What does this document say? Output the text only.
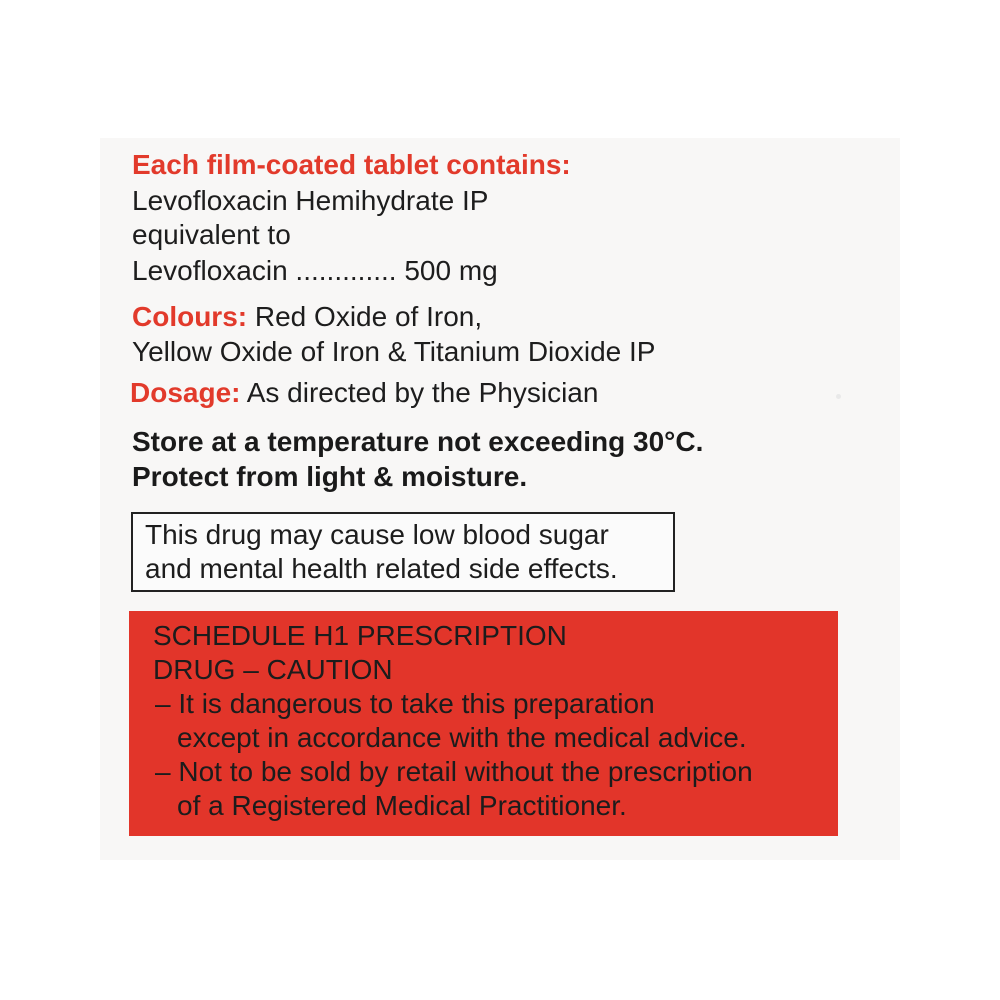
Each film-coated tablet contains:
Levofloxacin Hemihydrate IP
equivalent to
Levofloxacin ............. 500 mg
Colours: Red Oxide of Iron,
Yellow Oxide of Iron & Titanium Dioxide IP
Dosage: As directed by the Physician
Store at a temperature not exceeding 30°C.
Protect from light & moisture.
This drug may cause low blood sugar
and mental health related side effects.
SCHEDULE H1 PRESCRIPTION
DRUG – CAUTION
– It is dangerous to take this preparation
except in accordance with the medical advice.
– Not to be sold by retail without the prescription
of a Registered Medical Practitioner.
